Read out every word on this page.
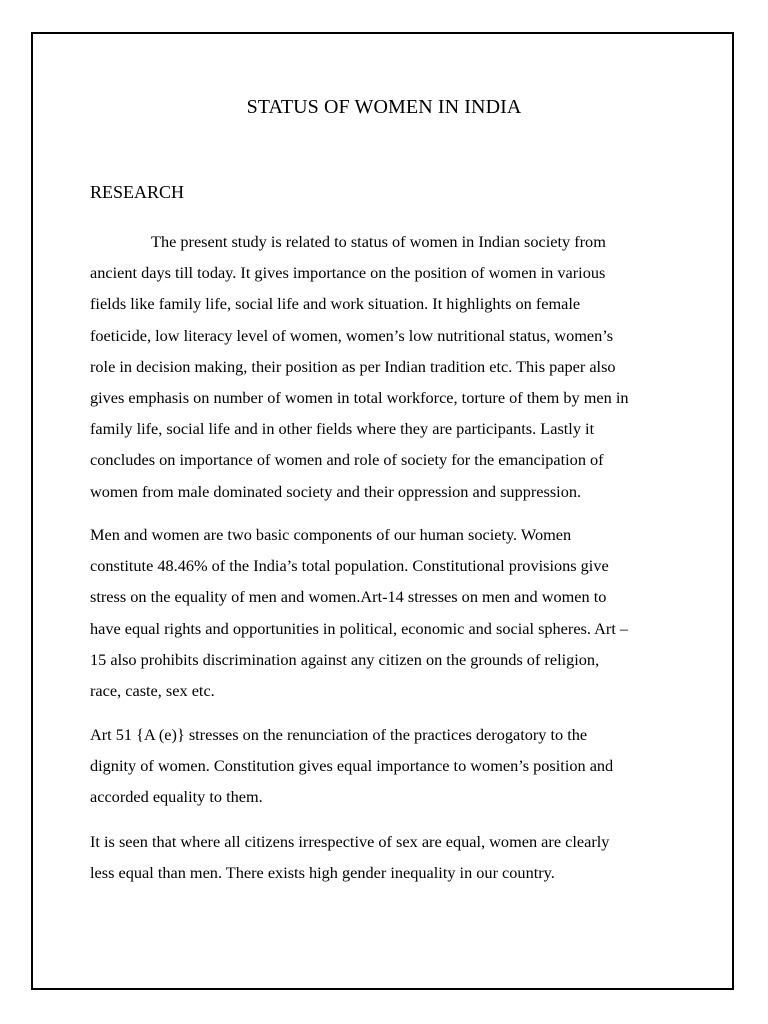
STATUS OF WOMEN IN INDIA
RESEARCH

The present study is related to status of women in Indian society from
ancient days till today. It gives importance on the position of women in various
fields like family life, social life and work situation. It highlights on female
foeticide, low literacy level of women, women’s low nutritional status, women’s
role in decision making, their position as per Indian tradition etc. This paper also
gives emphasis on number of women in total workforce, torture of them by men in
family life, social life and in other fields where they are participants. Lastly it
concludes on importance of women and role of society for the emancipation of
women from male dominated society and their oppression and suppression.

Men and women are two basic components of our human society. Women
constitute 48.46% of the India’s total population. Constitutional provisions give
stress on the equality of men and women.Art-14 stresses on men and women to
have equal rights and opportunities in political, economic and social spheres. Art –
15 also prohibits discrimination against any citizen on the grounds of religion,
race, caste, sex etc.

Art 51 {A (e)} stresses on the renunciation of the practices derogatory to the
dignity of women. Constitution gives equal importance to women’s position and
accorded equality to them.

It is seen that where all citizens irrespective of sex are equal, women are clearly
less equal than men. There exists high gender inequality in our country.
